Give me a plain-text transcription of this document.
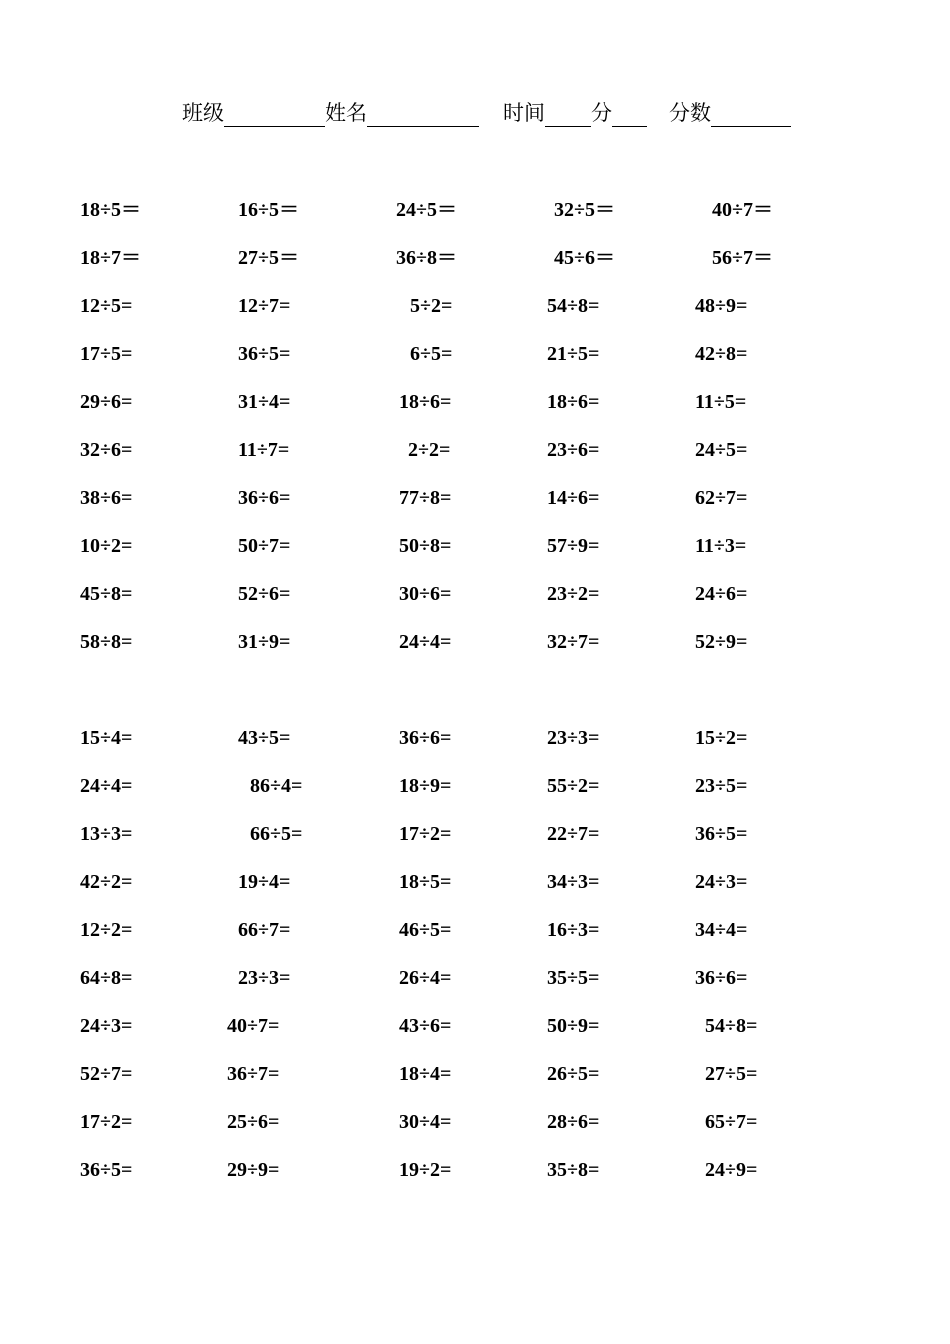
班级	姓名	时间 分	分数
18÷5＝	16÷5＝	24÷5＝	32÷5＝	40÷7＝
18÷7＝	27÷5＝	36÷8＝	45÷6＝	56÷7＝
12÷5=	12÷7=	5÷2=	54÷8=	48÷9=
17÷5=	36÷5=	6÷5=	21÷5=	42÷8=
29÷6=	31÷4=	18÷6=	18÷6=	11÷5=
32÷6=	11÷7=	2÷2=	23÷6=	24÷5=
38÷6=	36÷6=	77÷8=	14÷6=	62÷7=
10÷2=	50÷7=	50÷8=	57÷9=	11÷3=
45÷8=	52÷6=	30÷6=	23÷2=	24÷6=
58÷8=	31÷9=	24÷4=	32÷7=	52÷9=
15÷4=	43÷5=	36÷6=	23÷3=	15÷2=
24÷4=	86÷4=	18÷9=	55÷2=	23÷5=
13÷3=	66÷5=	17÷2=	22÷7=	36÷5=
42÷2=	19÷4=	18÷5=	34÷3=	24÷3=
12÷2=	66÷7=	46÷5=	16÷3=	34÷4=
64÷8=	23÷3=	26÷4=	35÷5=	36÷6=
24÷3=	40÷7=	43÷6=	50÷9=	54÷8=
52÷7=	36÷7=	18÷4=	26÷5=	27÷5=
17÷2=	25÷6=	30÷4=	28÷6=	65÷7=
36÷5=	29÷9=	19÷2=	35÷8=	24÷9=
